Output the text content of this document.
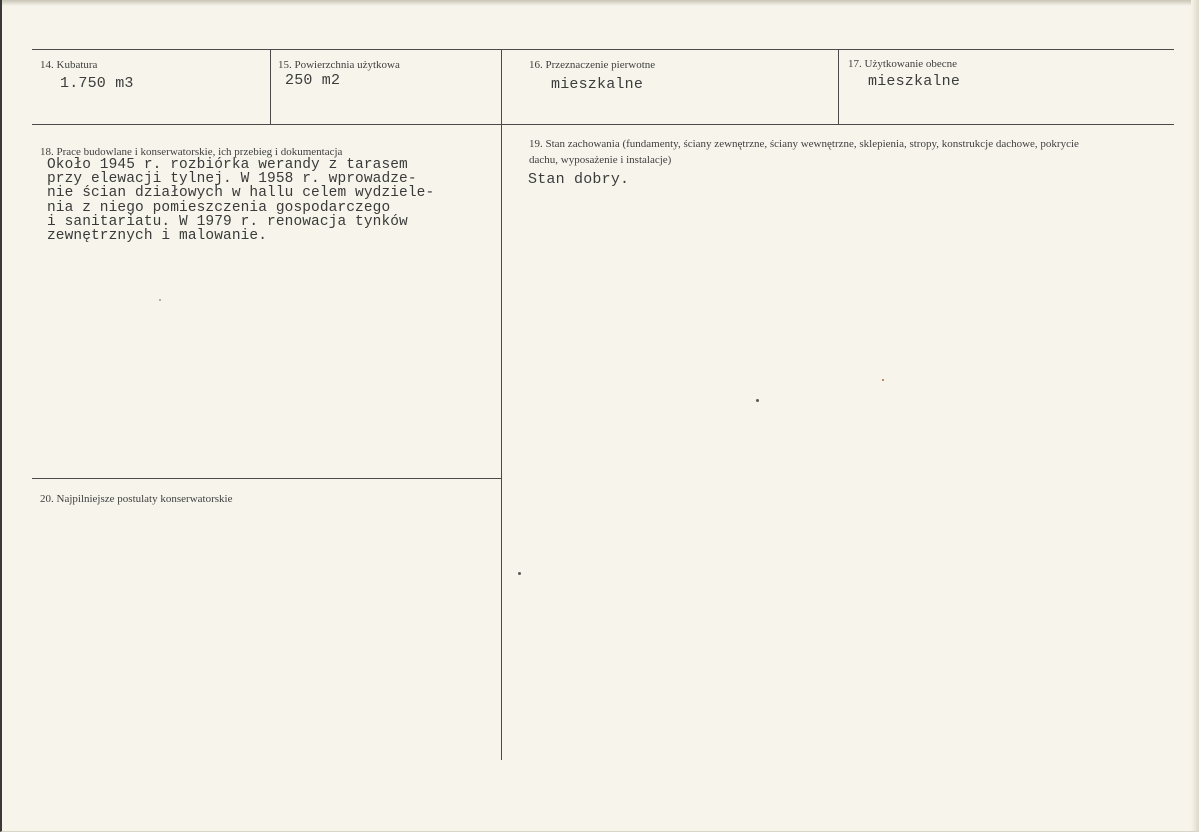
14. Kubatura
1.750 m3
15. Powierzchnia użytkowa
250 m2
16. Przeznaczenie pierwotne
mieszkalne
17. Użytkowanie obecne
mieszkalne
18. Prace budowlane i konserwatorskie, ich przebieg i dokumentacja
Około 1945 r. rozbiórka werandy z tarasem
przy elewacji tylnej. W 1958 r. wprowadze-
nie ścian działowych w hallu celem wydziele-
nia z niego pomieszczenia gospodarczego
i sanitariatu. W 1979 r. renowacja tynków
zewnętrznych i malowanie.
19. Stan zachowania (fundamenty, ściany zewnętrzne, ściany wewnętrzne, sklepienia, stropy, konstrukcje dachowe, pokrycie dachu, wyposażenie i instalacje)
Stan dobry.
20. Najpilniejsze postulaty konserwatorskie
